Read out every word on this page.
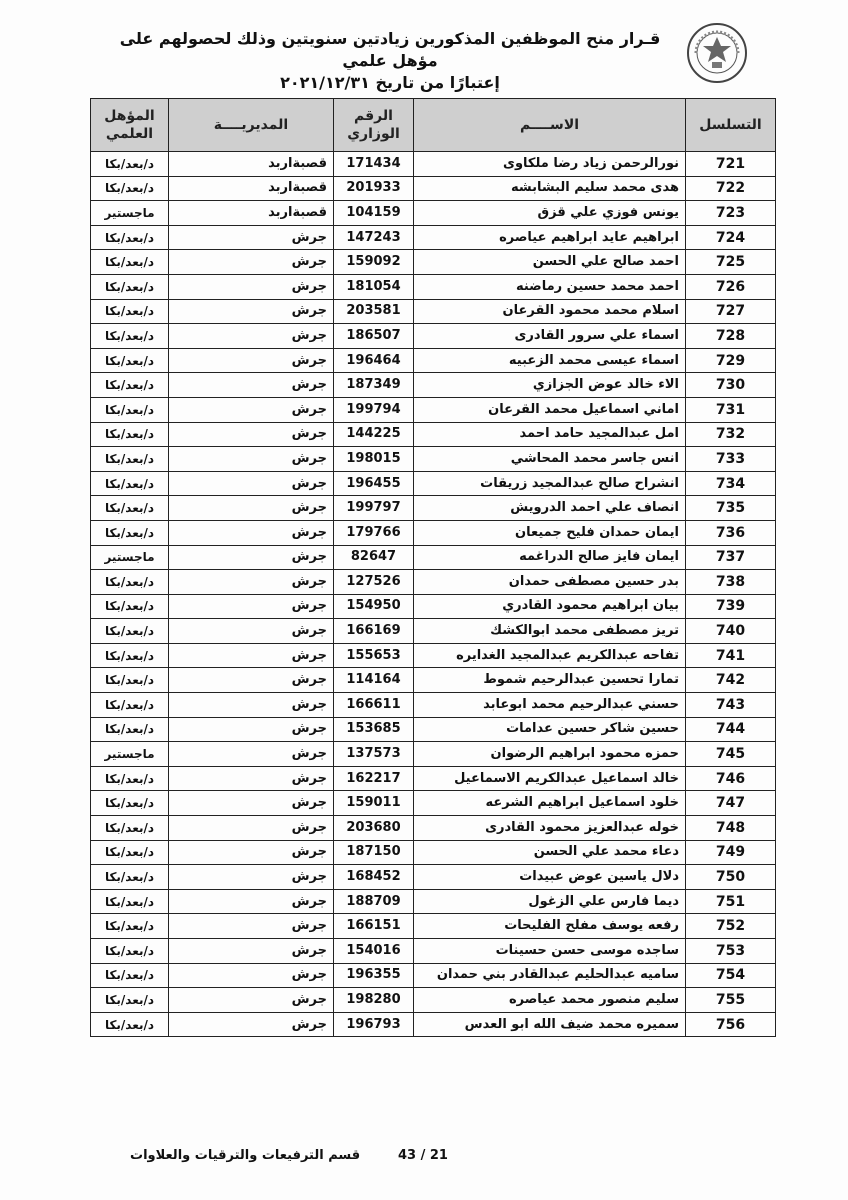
قـرار منح الموظفين المذكورين زيادتين سنويتين وذلك لحصولهم على مؤهل علمي
إعتبارًا من تاريخ ٢٠٢١/١٢/٣١
التسلسل	الاســــم	الرقم الوزاري	المديريــــة	المؤهل العلمي
721	نورالرحمن زياد رضا ملكاوى	171434	قصبةاربد	د/بعد/بكا
722	هدى محمد سليم البشابشه	201933	قصبةاربد	د/بعد/بكا
723	يونس فوزي علي قزق	104159	قصبةاربد	ماجستير
724	ابراهيم عايد ابراهيم عياصره	147243	جرش	د/بعد/بكا
725	احمد صالح علي الحسن	159092	جرش	د/بعد/بكا
726	احمد محمد حسين رماضنه	181054	جرش	د/بعد/بكا
727	اسلام محمد محمود القرعان	203581	جرش	د/بعد/بكا
728	اسماء علي سرور القادرى	186507	جرش	د/بعد/بكا
729	اسماء عيسى محمد الزعبيه	196464	جرش	د/بعد/بكا
730	الاء خالد عوض الجزازي	187349	جرش	د/بعد/بكا
731	اماني اسماعيل محمد القرعان	199794	جرش	د/بعد/بكا
732	امل عبدالمجيد حامد احمد	144225	جرش	د/بعد/بكا
733	انس جاسر محمد المحاشي	198015	جرش	د/بعد/بكا
734	انشراح صالح عبدالمجيد زريقات	196455	جرش	د/بعد/بكا
735	انصاف علي احمد الدرويش	199797	جرش	د/بعد/بكا
736	ايمان حمدان فليح جميعان	179766	جرش	د/بعد/بكا
737	ايمان فايز صالح الدراغمه	82647	جرش	ماجستير
738	بدر حسين مصطفى حمدان	127526	جرش	د/بعد/بكا
739	بيان ابراهيم محمود القادري	154950	جرش	د/بعد/بكا
740	تريز مصطفى محمد ابوالكشك	166169	جرش	د/بعد/بكا
741	تفاحه عبدالكريم عبدالمجيد الغدايره	155653	جرش	د/بعد/بكا
742	تمارا تحسين عبدالرحيم شموط	114164	جرش	د/بعد/بكا
743	حسني عبدالرحيم محمد ابوعابد	166611	جرش	د/بعد/بكا
744	حسين شاكر حسين عدامات	153685	جرش	د/بعد/بكا
745	حمزه محمود ابراهيم الرضوان	137573	جرش	ماجستير
746	خالد اسماعيل عبدالكريم الاسماعيل	162217	جرش	د/بعد/بكا
747	خلود اسماعيل ابراهيم الشرعه	159011	جرش	د/بعد/بكا
748	خوله عبدالعزيز محمود القادرى	203680	جرش	د/بعد/بكا
749	دعاء محمد علي الحسن	187150	جرش	د/بعد/بكا
750	دلال ياسين عوض عبيدات	168452	جرش	د/بعد/بكا
751	ديما فارس علي الزغول	188709	جرش	د/بعد/بكا
752	رفعه يوسف مفلح الفليحات	166151	جرش	د/بعد/بكا
753	ساجده موسى حسن حسينات	154016	جرش	د/بعد/بكا
754	ساميه عبدالحليم عبدالقادر بني حمدان	196355	جرش	د/بعد/بكا
755	سليم منصور محمد عياصره	198280	جرش	د/بعد/بكا
756	سميره محمد ضيف الله ابو العدس	196793	جرش	د/بعد/بكا
قسم الترفيعات والترقيات والعلاوات	43 / 21
